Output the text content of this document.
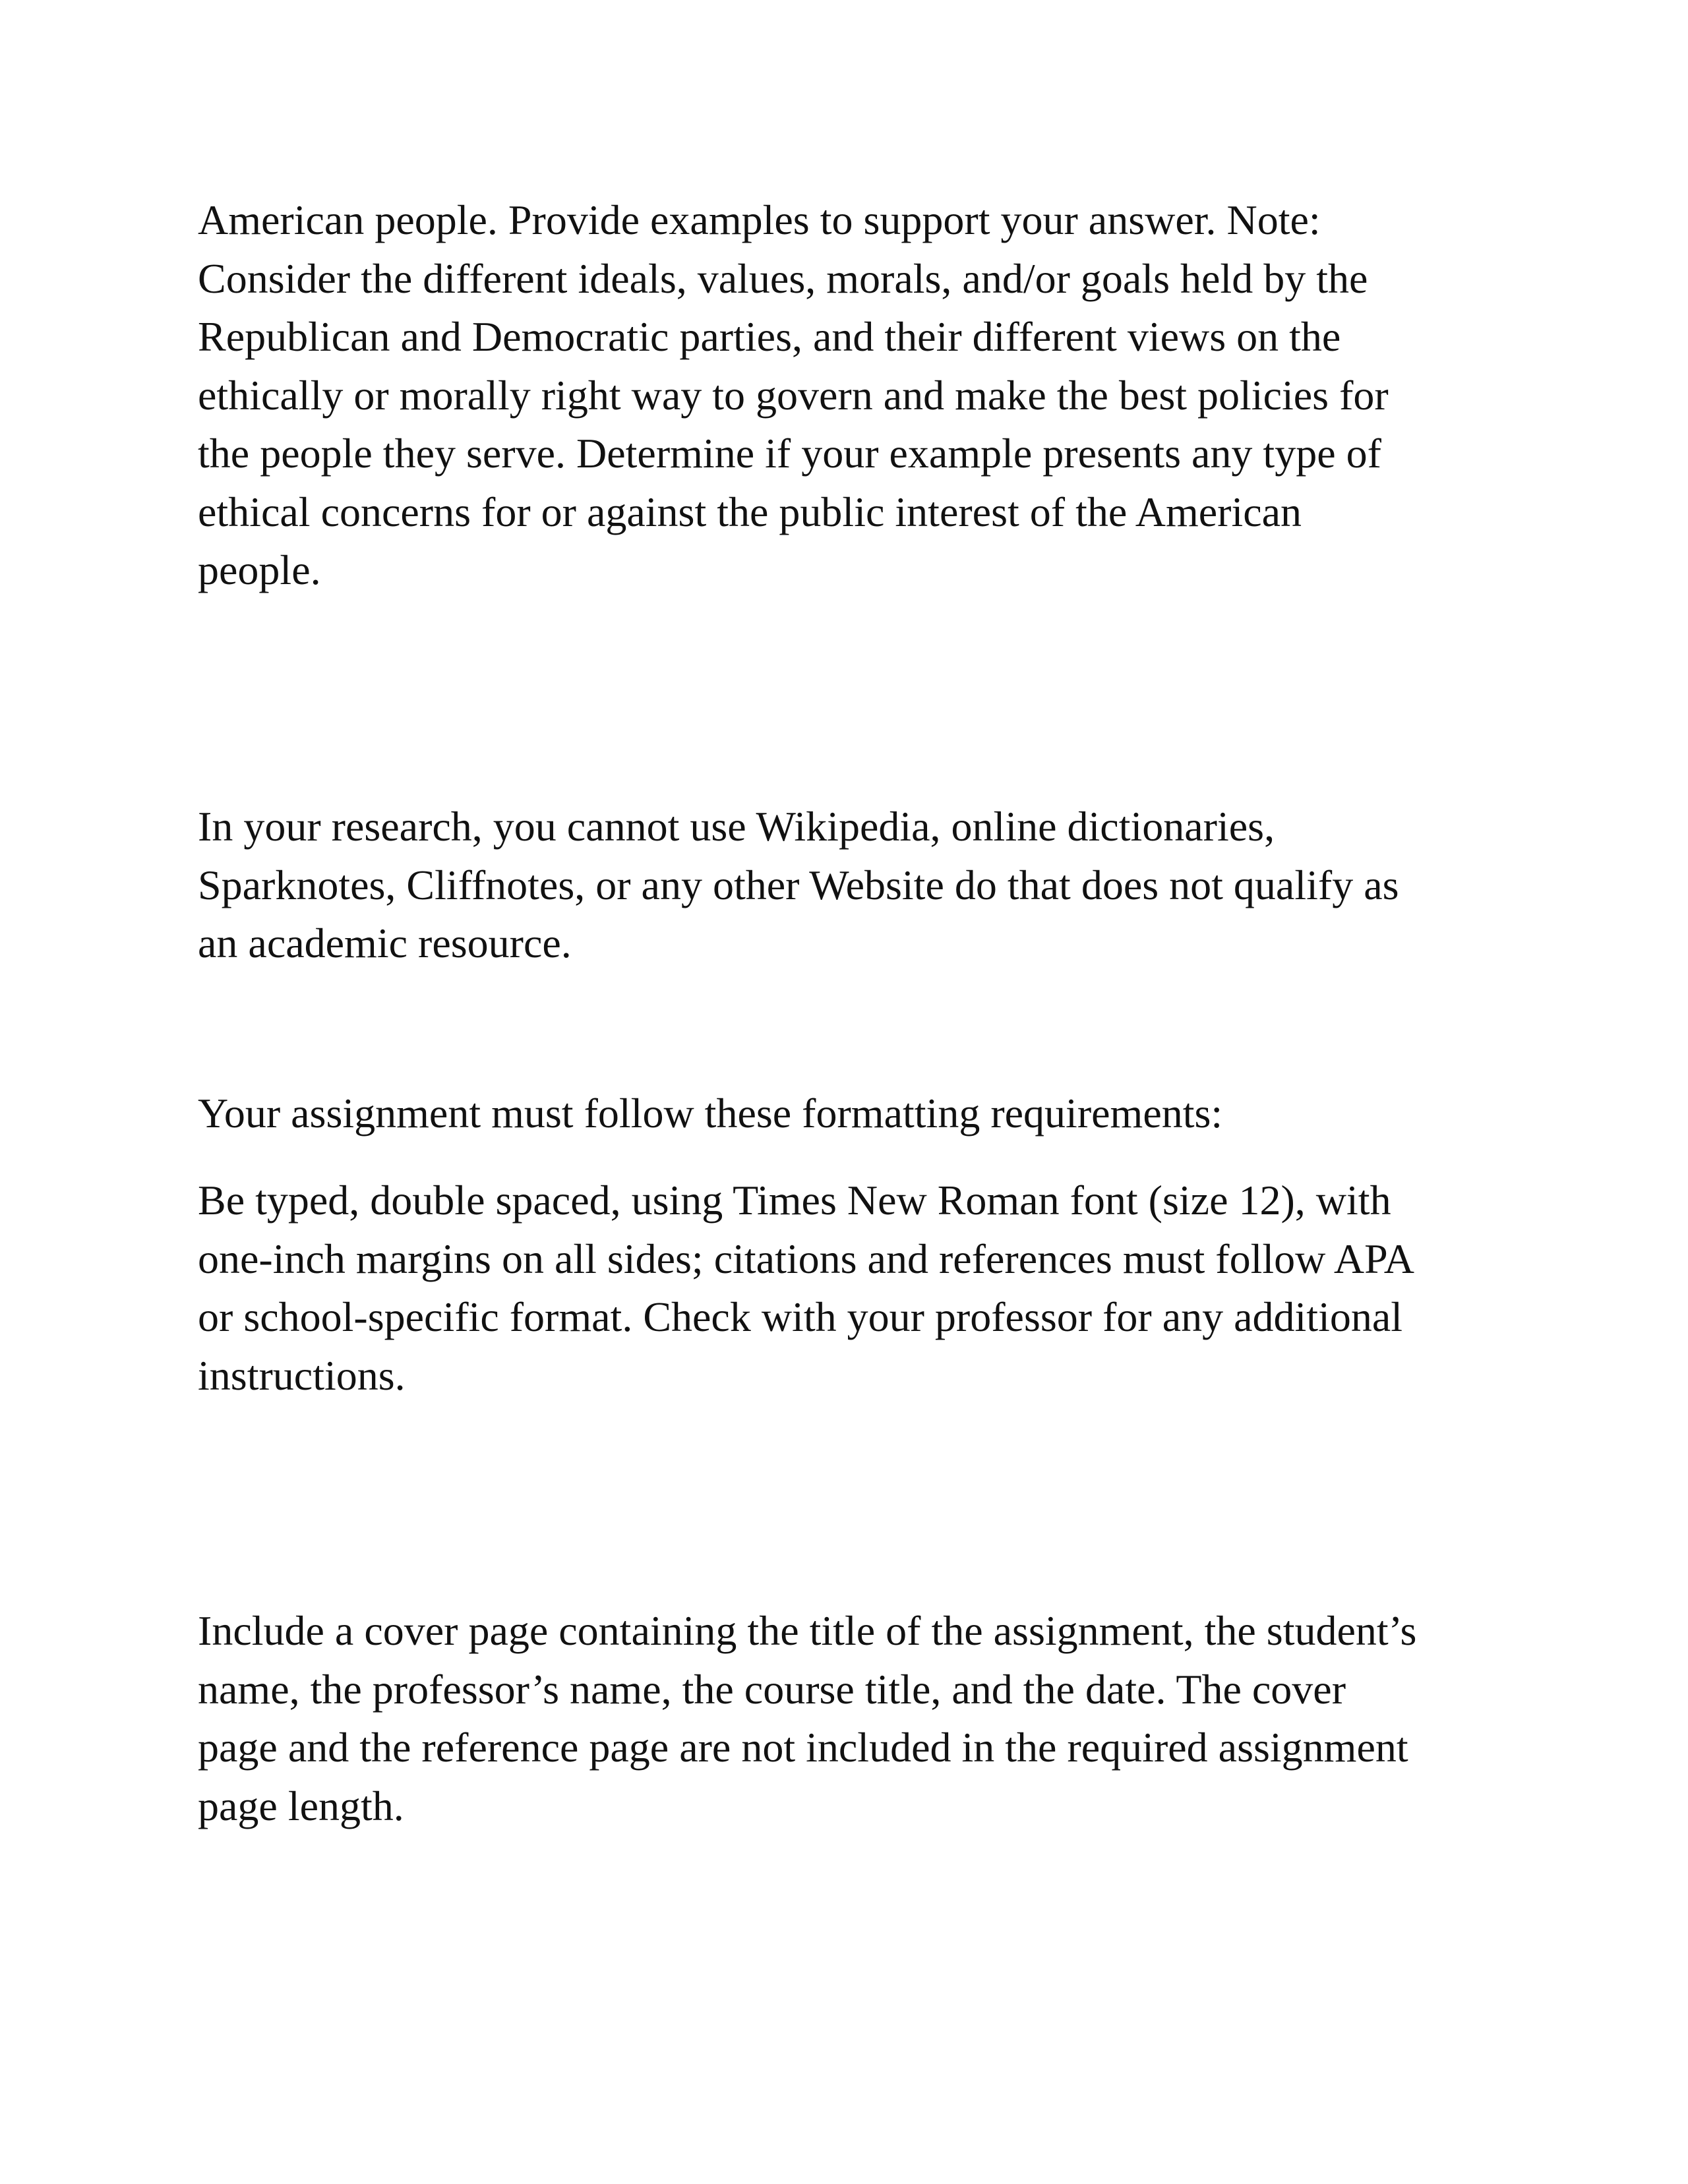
American people. Provide examples to support your answer. Note:
Consider the different ideals, values, morals, and/or goals held by the
Republican and Democratic parties, and their different views on the
ethically or morally right way to govern and make the best policies for
the people they serve. Determine if your example presents any type of
ethical concerns for or against the public interest of the American
people.

In your research, you cannot use Wikipedia, online dictionaries,
Sparknotes, Cliffnotes, or any other Website do that does not qualify as
an academic resource.

Your assignment must follow these formatting requirements:

Be typed, double spaced, using Times New Roman font (size 12), with
one-inch margins on all sides; citations and references must follow APA
or school-specific format. Check with your professor for any additional
instructions.

Include a cover page containing the title of the assignment, the student’s
name, the professor’s name, the course title, and the date. The cover
page and the reference page are not included in the required assignment
page length.
